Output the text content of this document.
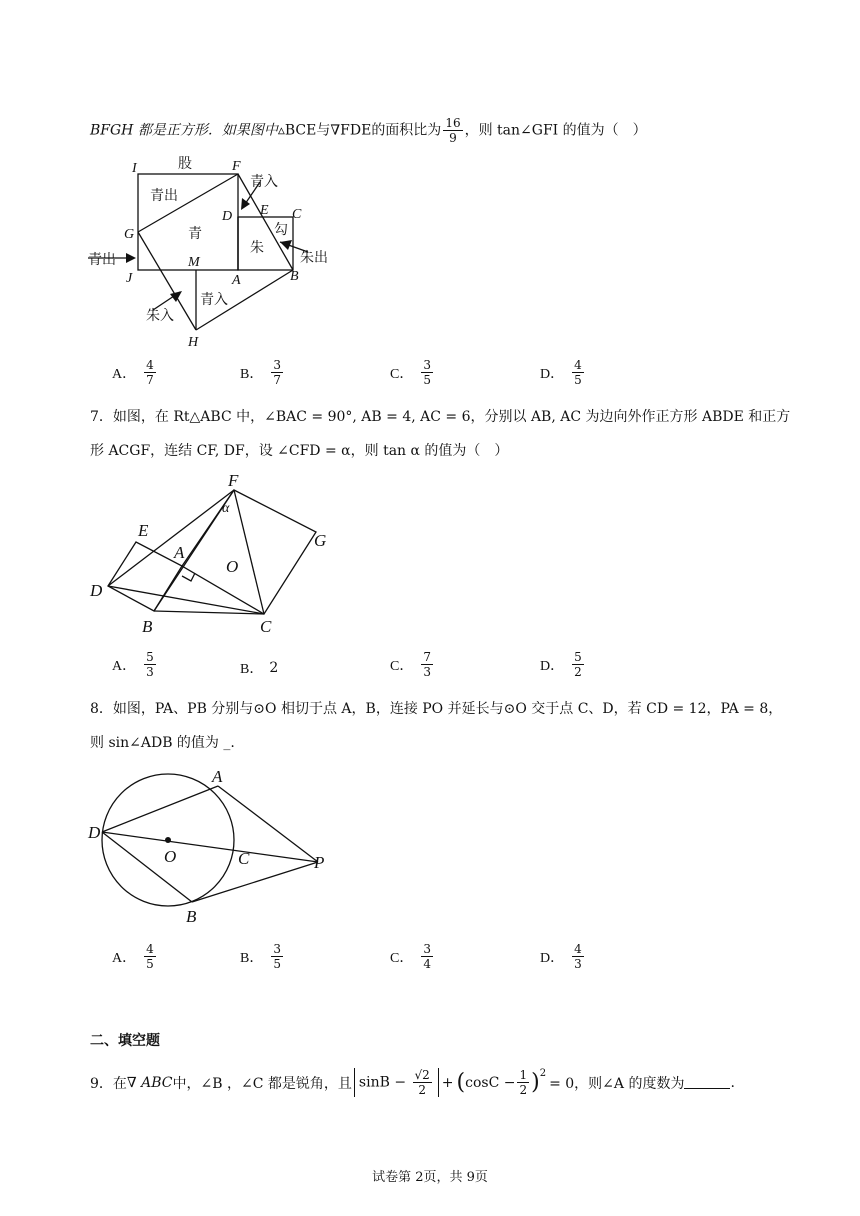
BFGH 都是正方形．如果图中▵BCE与∇FDE的面积比为 $\frac{16}{9}$ ，则 tan∠GFI 的值为（　）
I	F
G
J
M
A
H
D E C
B
股
勾
青出
青
朱
青入
朱出
青出
青入
朱入
A． $\frac{4}{7}$	B． $\frac{3}{7}$	C． $\frac{3}{5}$	D． $\frac{4}{5}$
7．如图，在 Rt△ABC 中，∠BAC = 90°, AB = 4, AC = 6，分别以 AB, AC 为边向外作正方形 ABDE 和正方
形 ACGF，连结 CF, DF，设 ∠CFD = α，则 tan α 的值为（　）
F
α
E
A
O
G
D
B	C
A． $\frac{5}{3}$	B． 2	C． $\frac{7}{3}$	D． $\frac{5}{2}$
8．如图，PA、PB 分别与⊙O 相切于点 A，B，连接 PO 并延长与⊙O 交于点 C、D，若 CD = 12，PA = 8，
则 sin∠ADB 的值为 _.
A
D
O	C	P
B
A． $\frac{4}{5}$	B． $\frac{3}{5}$	C． $\frac{3}{4}$	D． $\frac{4}{3}$
二、填空题
9．在 ∇ ABC 中，∠B ，∠C 都是锐角，且 $\sin B - \frac{√2}{2}$ + ( $\cos C - \frac{1}{2} )^2$
= 0，则∠A 的度数为	.
试卷第 2页，共 9页
